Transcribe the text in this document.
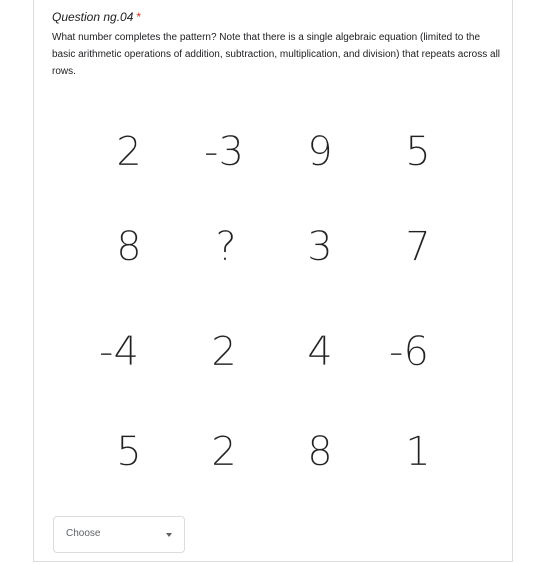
Question ng.04 *
What number completes the pattern? Note that there is a single algebraic equation (limited to the basic arithmetic operations of addition, subtraction, multiplication, and division) that repeats across all rows.
2	-3	9	5
8	?	3	7
-4	2	4	-6
5	2	8	1
Choose
